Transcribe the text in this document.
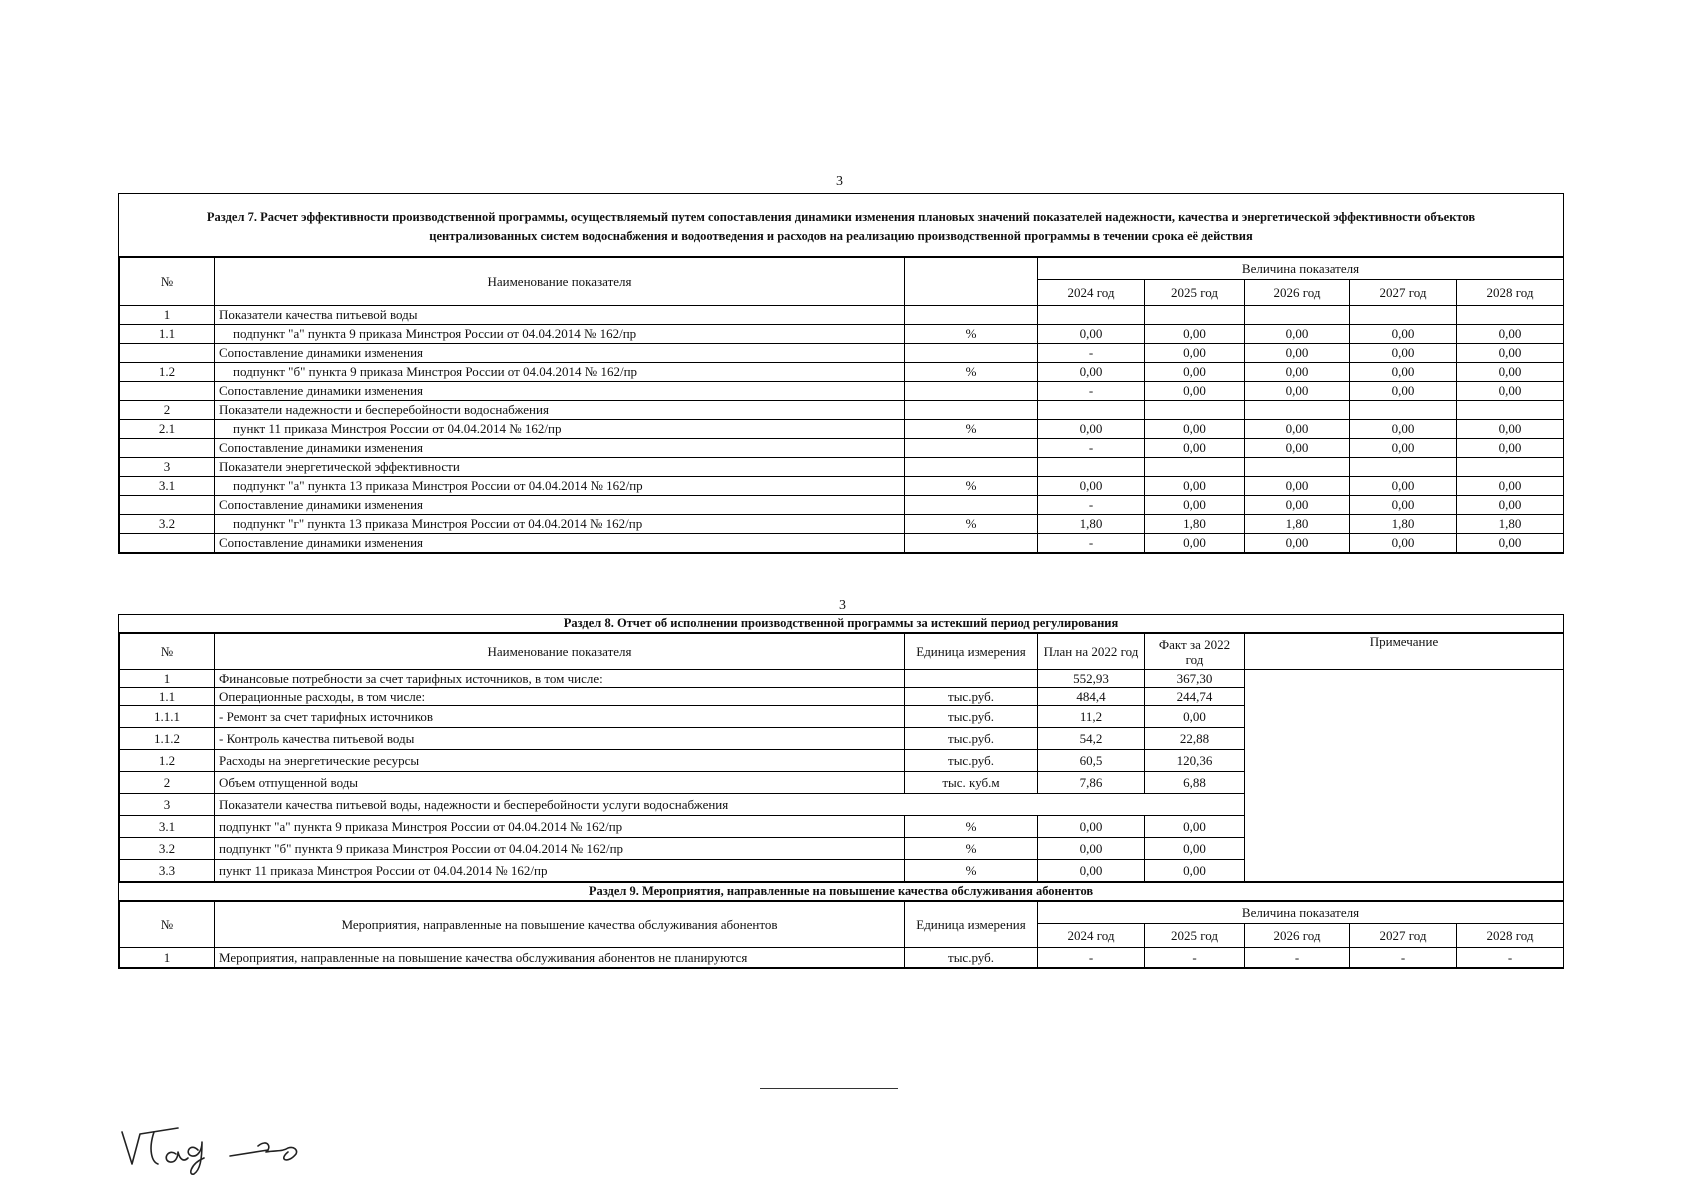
3
Раздел 7. Расчет эффективности производственной программы, осуществляемый путем сопоставления динамики изменения плановых значений показателей надежности, качества и энергетической эффективности объектов централизованных систем водоснабжения и водоотведения и расходов на реализацию производственной программы в течении срока её действия
№	Наименование показателя		Величина показателя				
			2024 год	2025 год	2026 год	2027 год	2028 год
1	Показатели качества питьевой воды						
1.1	подпункт "а" пункта 9 приказа Минстроя России от 04.04.2014 № 162/пр	%	0,00	0,00	0,00	0,00	0,00
	Сопоставление динамики изменения		-	0,00	0,00	0,00	0,00
1.2	подпункт "б" пункта 9 приказа Минстроя России от 04.04.2014 № 162/пр	%	0,00	0,00	0,00	0,00	0,00
	Сопоставление динамики изменения		-	0,00	0,00	0,00	0,00
2	Показатели надежности и бесперебойности водоснабжения						
2.1	пункт 11 приказа Минстроя России от 04.04.2014 № 162/пр	%	0,00	0,00	0,00	0,00	0,00
	Сопоставление динамики изменения		-	0,00	0,00	0,00	0,00
3	Показатели энергетической эффективности						
3.1	подпункт "а" пункта 13 приказа Минстроя России от 04.04.2014 № 162/пр	%	0,00	0,00	0,00	0,00	0,00
	Сопоставление динамики изменения		-	0,00	0,00	0,00	0,00
3.2	подпункт "г" пункта 13 приказа Минстроя России от 04.04.2014 № 162/пр	%	1,80	1,80	1,80	1,80	1,80
	Сопоставление динамики изменения		-	0,00	0,00	0,00	0,00
3
Раздел 8. Отчет об исполнении производственной программы за истекший период регулирования
№	Наименование показателя	Единица измерения	План на 2022 год	Факт за 2022 год	Примечание
1	Финансовые потребности за счет тарифных источников, в том числе:		552,93	367,30	
1.1	Операционные расходы, в том числе:	тыс.руб.	484,4	244,74	
1.1.1	- Ремонт за счет тарифных источников	тыс.руб.	11,2	0,00	
1.1.2	- Контроль качества питьевой воды	тыс.руб.	54,2	22,88	
1.2	Расходы на энергетические ресурсы	тыс.руб.	60,5	120,36	
2	Объем отпущенной воды	тыс. куб.м	7,86	6,88	
3	Показатели качества питьевой воды, надежности и бесперебойности услуги водоснабжения				
3.1	подпункт "а" пункта 9 приказа Минстроя России от 04.04.2014 № 162/пр	%	0,00	0,00	
3.2	подпункт "б" пункта 9 приказа Минстроя России от 04.04.2014 № 162/пр	%	0,00	0,00	
3.3	пункт 11 приказа Минстроя России от 04.04.2014 № 162/пр	%	0,00	0,00	
Раздел 9. Мероприятия, направленные на повышение качества обслуживания абонентов
№	Мероприятия, направленные на повышение качества обслуживания абонентов	Единица измерения	Величина показателя				
			2024 год	2025 год	2026 год	2027 год	2028 год
1	Мероприятия, направленные на повышение качества обслуживания абонентов не планируются	тыс.руб.	-	-	-	-	-
